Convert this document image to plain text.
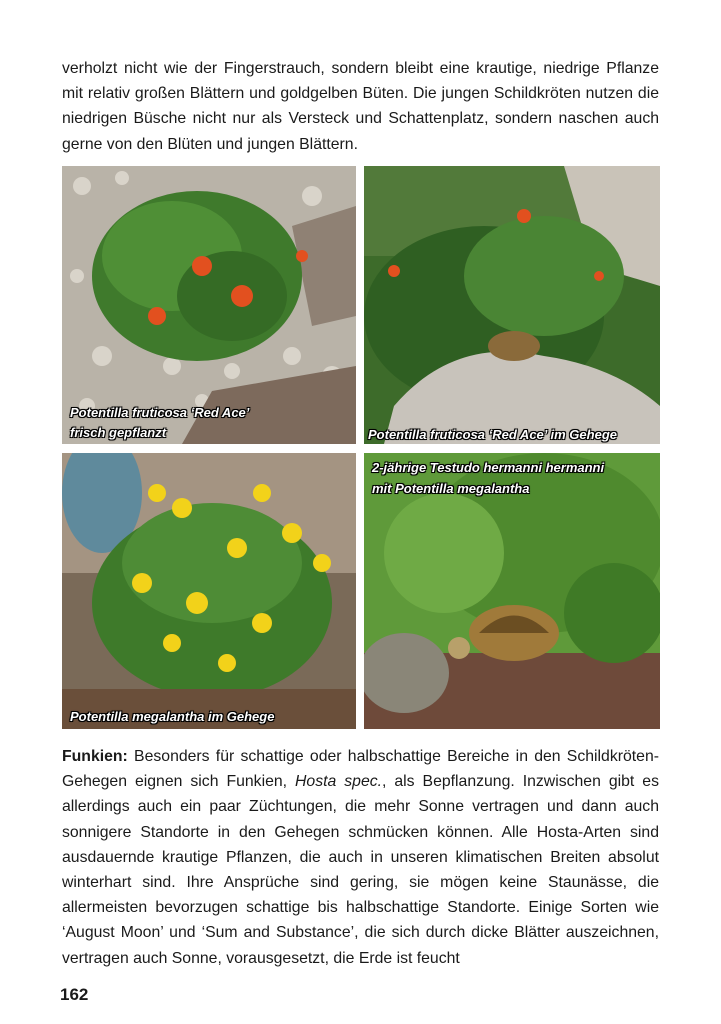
verholzt nicht wie der Fingerstrauch, sondern bleibt eine krautige, niedrige Pflanze mit relativ großen Blättern und goldgelben Büten. Die jungen Schildkröten nutzen die niedrigen Büsche nicht nur als Versteck und Schattenplatz, sondern naschen auch gerne von den Blüten und jungen Blättern.

Potentilla fruticosa ‘Red Ace’
frisch gepflanzt	Potentilla fruticosa ‘Red Ace’ im Gehege
Potentilla megalantha im Gehege
2-jährige Testudo hermanni hermanni
mit Potentilla megalantha

Funkien: Besonders für schattige oder halbschattige Bereiche in den Schildkröten-Gehegen eignen sich Funkien, Hosta spec., als Bepflanzung. Inzwischen gibt es allerdings auch ein paar Züchtungen, die mehr Sonne vertragen und dann auch sonnigere Standorte in den Gehegen schmücken können. Alle Hosta-Arten sind ausdauernde krautige Pflanzen, die auch in unseren klimatischen Breiten absolut winterhart sind. Ihre Ansprüche sind gering, sie mögen keine Staunässe, die allermeisten bevorzugen schattige bis halbschattige Standorte. Einige Sorten wie ‘August Moon’ und ‘Sum and Substance’, die sich durch dicke Blätter auszeichnen, vertragen auch Sonne, vorausgesetzt, die Erde ist feucht

162
